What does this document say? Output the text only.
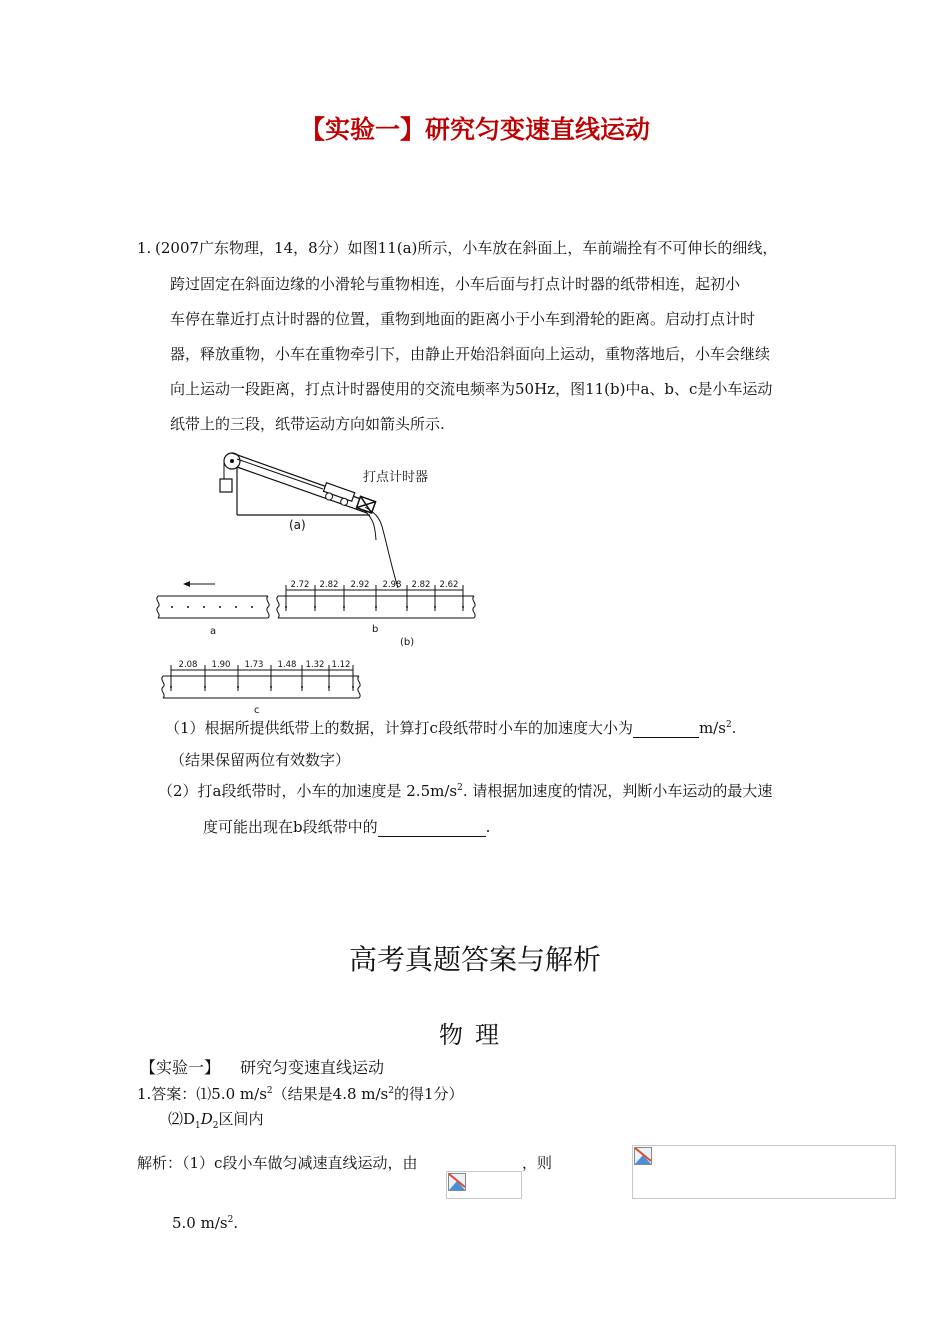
【实验一】研究匀变速直线运动
1. (2007广东物理，14，8分）如图11(a)所示，小车放在斜面上，车前端拴有不可伸长的细线，
跨过固定在斜面边缘的小滑轮与重物相连，小车后面与打点计时器的纸带相连，起初小
车停在靠近打点计时器的位置，重物到地面的距离小于小车到滑轮的距离。启动打点计时
器，释放重物，小车在重物牵引下，由静止开始沿斜面向上运动，重物落地后，小车会继续
向上运动一段距离，打点计时器使用的交流电频率为50Hz，图11(b)中a、b、c是小车运动
纸带上的三段，纸带运动方向如箭头所示.
打点计时器
(a)
a
2.72 2.82 2.92 2.98 2.82 2.62
b
(b)
2.08 1.90 1.73 1.48 1.32 1.12
c
（1）根据所提供纸带上的数据，计算打c段纸带时小车的加速度大小为	$m/s^2$.
（结果保留两位有效数字）
（2）打a段纸带时，小车的加速度是 $2.5m/s^2$. 请根据加速度的情况，判断小车运动的最大速
度可能出现在b段纸带中的	.
高考真题答案与解析
物理
【实验一】 研究匀变速直线运动
1.答案：⑴5.0 $m/s^2$（结果是4.8 $m/s^2$的得1分）
$⑵D_1D_2$区间内
解析：（1）c段小车做匀减速直线运动，由
	，则
5.0 $m/s^2$.
